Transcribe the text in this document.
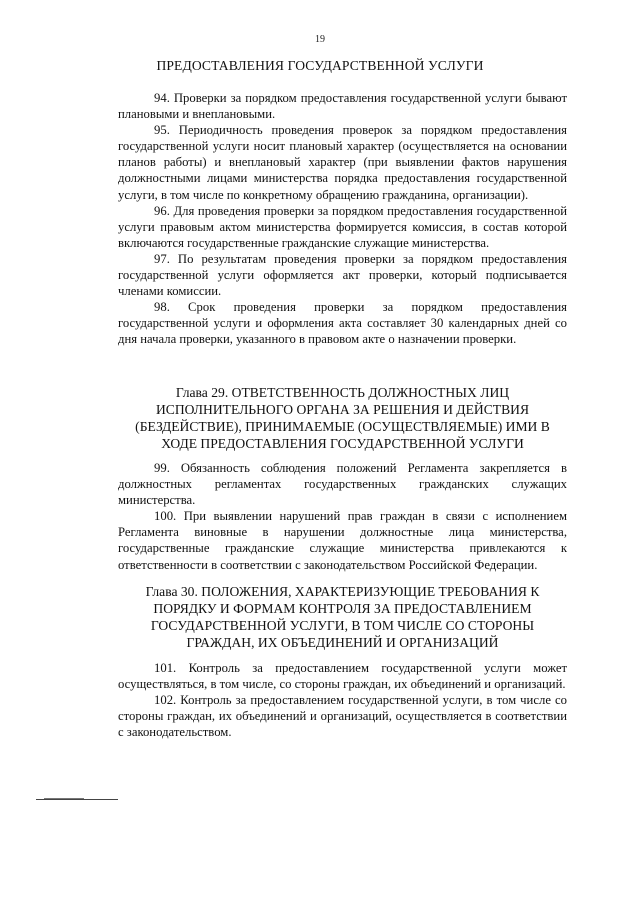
19
ПРЕДОСТАВЛЕНИЯ ГОСУДАРСТВЕННОЙ УСЛУГИ

94. Проверки за порядком предоставления государственной услуги бывают плановыми и внеплановыми.

95. Периодичность проведения проверок за порядком предоставления государственной услуги носит плановый характер (осуществляется на основании планов работы) и внеплановый характер (при выявлении фактов нарушения должностными лицами министерства порядка предоставления государственной услуги, в том числе по конкретному обращению гражданина, организации).

96. Для проведения проверки за порядком предоставления государственной услуги правовым актом министерства формируется комиссия, в состав которой включаются государственные гражданские служащие министерства.

97. По результатам проведения проверки за порядком предоставления государственной услуги оформляется акт проверки, который подписывается членами комиссии.

98. Срок проведения проверки за порядком предоставления государственной услуги и оформления акта составляет 30 календарных дней со дня начала проверки, указанного в правовом акте о назначении проверки.

Глава 29. ОТВЕТСТВЕННОСТЬ ДОЛЖНОСТНЫХ ЛИЦ
ИСПОЛНИТЕЛЬНОГО ОРГАНА ЗА РЕШЕНИЯ И ДЕЙСТВИЯ
(БЕЗДЕЙСТВИЕ), ПРИНИМАЕМЫЕ (ОСУЩЕСТВЛЯЕМЫЕ) ИМИ В
ХОДЕ ПРЕДОСТАВЛЕНИЯ ГОСУДАРСТВЕННОЙ УСЛУГИ

99. Обязанность соблюдения положений Регламента закрепляется в должностных регламентах государственных гражданских служащих министерства.

100. При выявлении нарушений прав граждан в связи с исполнением Регламента виновные в нарушении должностные лица министерства, государственные гражданские служащие министерства привлекаются к ответственности в соответствии с законодательством Российской Федерации.

Глава 30. ПОЛОЖЕНИЯ, ХАРАКТЕРИЗУЮЩИЕ ТРЕБОВАНИЯ К
ПОРЯДКУ И ФОРМАМ КОНТРОЛЯ ЗА ПРЕДОСТАВЛЕНИЕМ
ГОСУДАРСТВЕННОЙ УСЛУГИ, В ТОМ ЧИСЛЕ СО СТОРОНЫ
ГРАЖДАН, ИХ ОБЪЕДИНЕНИЙ И ОРГАНИЗАЦИЙ

101. Контроль за предоставлением государственной услуги может осуществляться, в том числе, со стороны граждан, их объединений и организаций.

102. Контроль за предоставлением государственной услуги, в том числе со стороны граждан, их объединений и организаций, осуществляется в соответствии с законодательством.
